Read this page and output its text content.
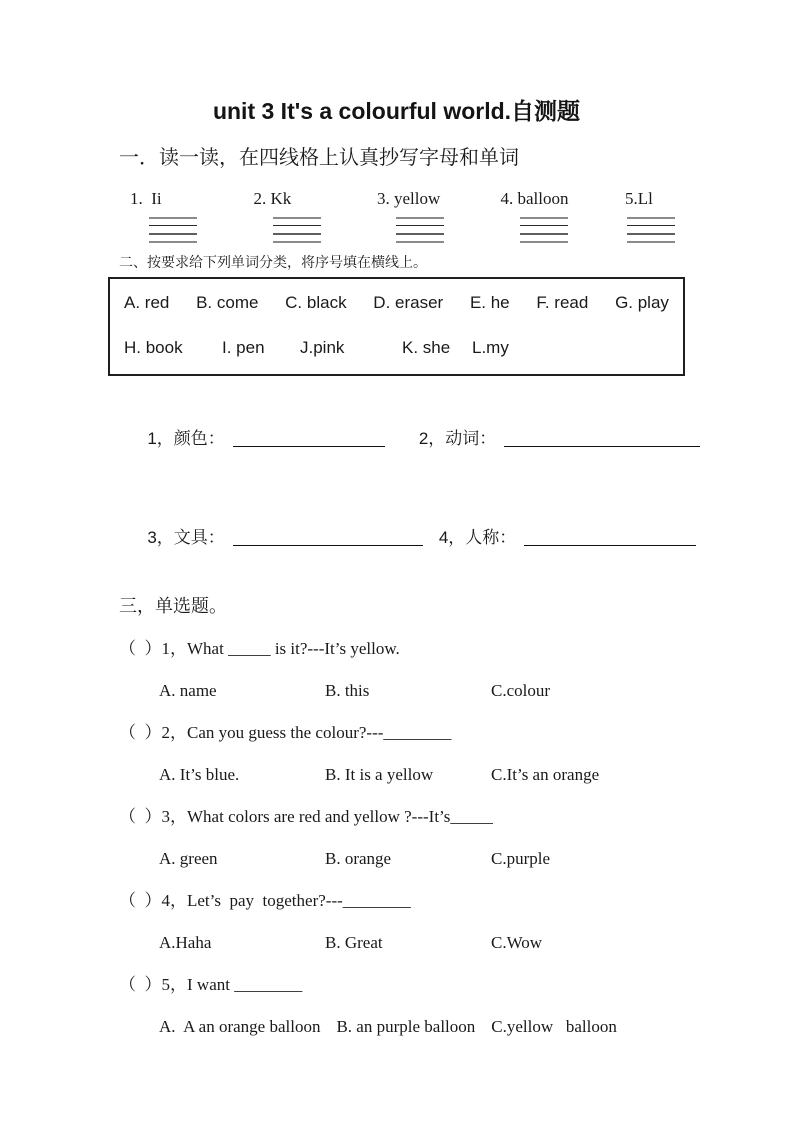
unit 3 It's a colourful world.自测题
一．读一读，在四线格上认真抄写字母和单词
1.  Ii	2. Kk	3. yellow	4. balloon	5.Ll
二、按要求给下列单词分类，将序号填在横线上。
A. red B. come C. black D. eraser E. he F. read G. play
H. book	I. pen	J.pink	K. she	L.my

1，颜色：	2，动词：

3，文具：	4，人称：

三，单选题。
（  ）1，What _____ is it?---It’s yellow.
A. name	B. this	C.colour
（  ）2，Can you guess the colour?---________
A. It’s blue.	B. It is a yellow	C.It’s an orange
（  ）3，What colors are red and yellow ?---It’s_____
A. green	B. orange	C.purple
（  ）4，Let’s  pay  together?---________
A.Haha	B. Great	C.Wow
（  ）5，I want ________
A.  A an orange balloon B. an purple balloon C.yellow   balloon
